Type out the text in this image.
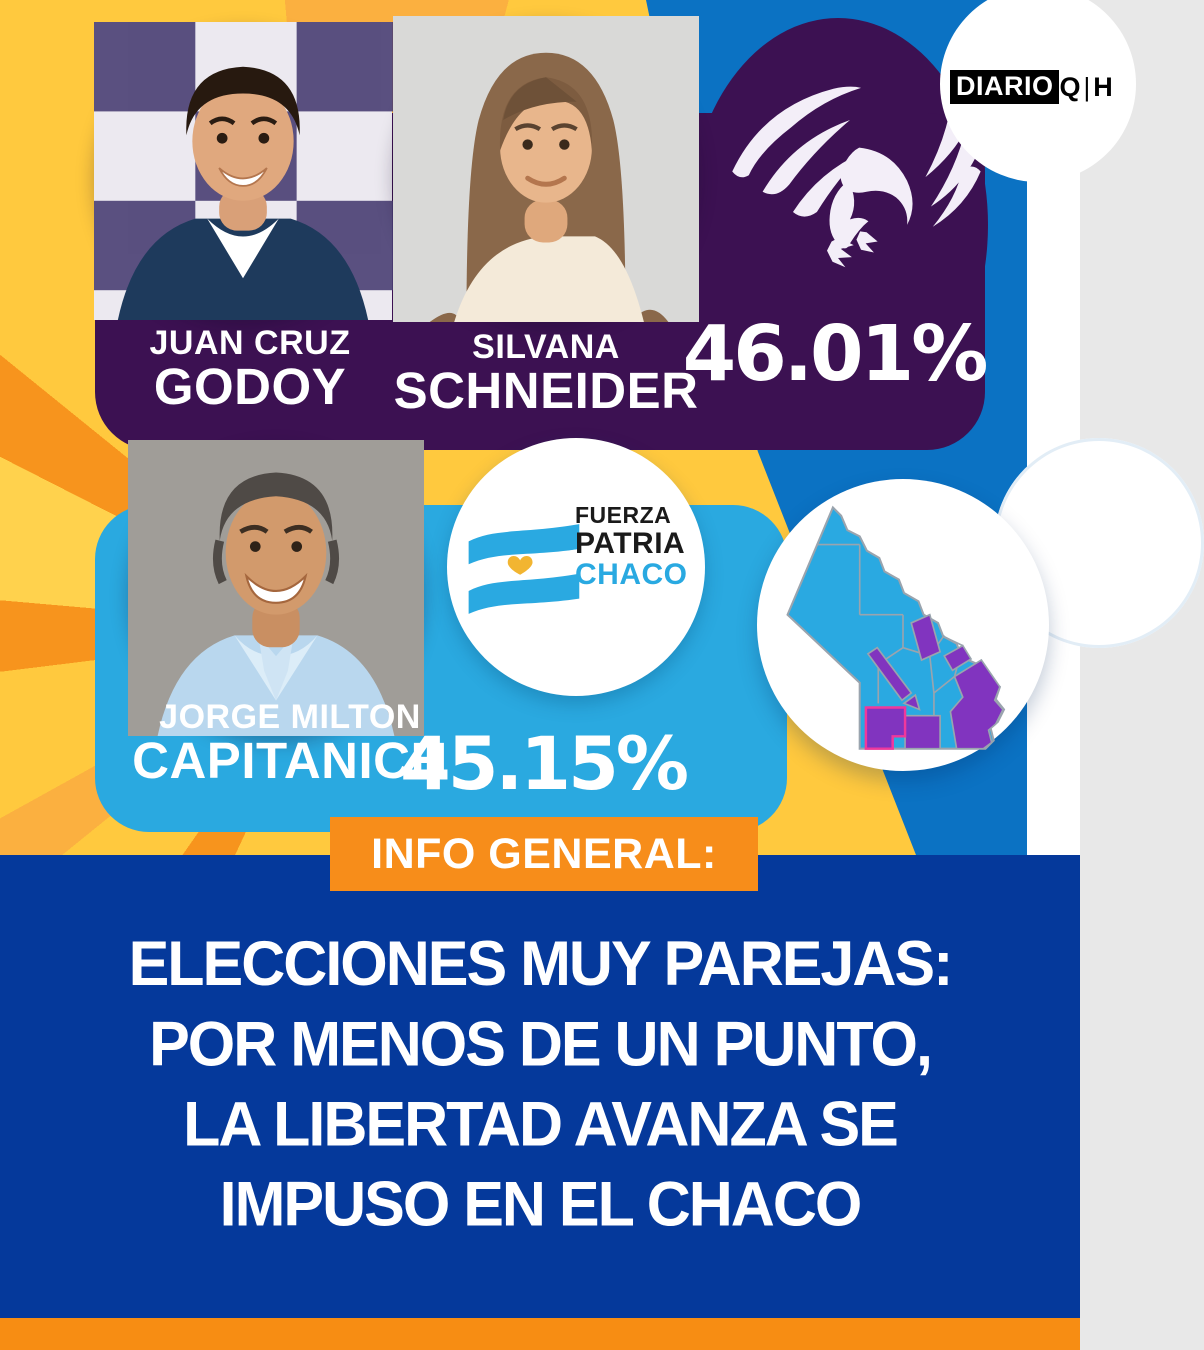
JUAN CRUZ
GODOY
SILVANA
SCHNEIDER
46.01%
FUERZA
PATRIA
CHACO
JORGE MILTON
CAPITANICH
45.15%
DIARIO Q | H
INFO GENERAL:
ELECCIONES MUY PAREJAS:
POR MENOS DE UN PUNTO,
LA LIBERTAD AVANZA SE
IMPUSO EN EL CHACO
